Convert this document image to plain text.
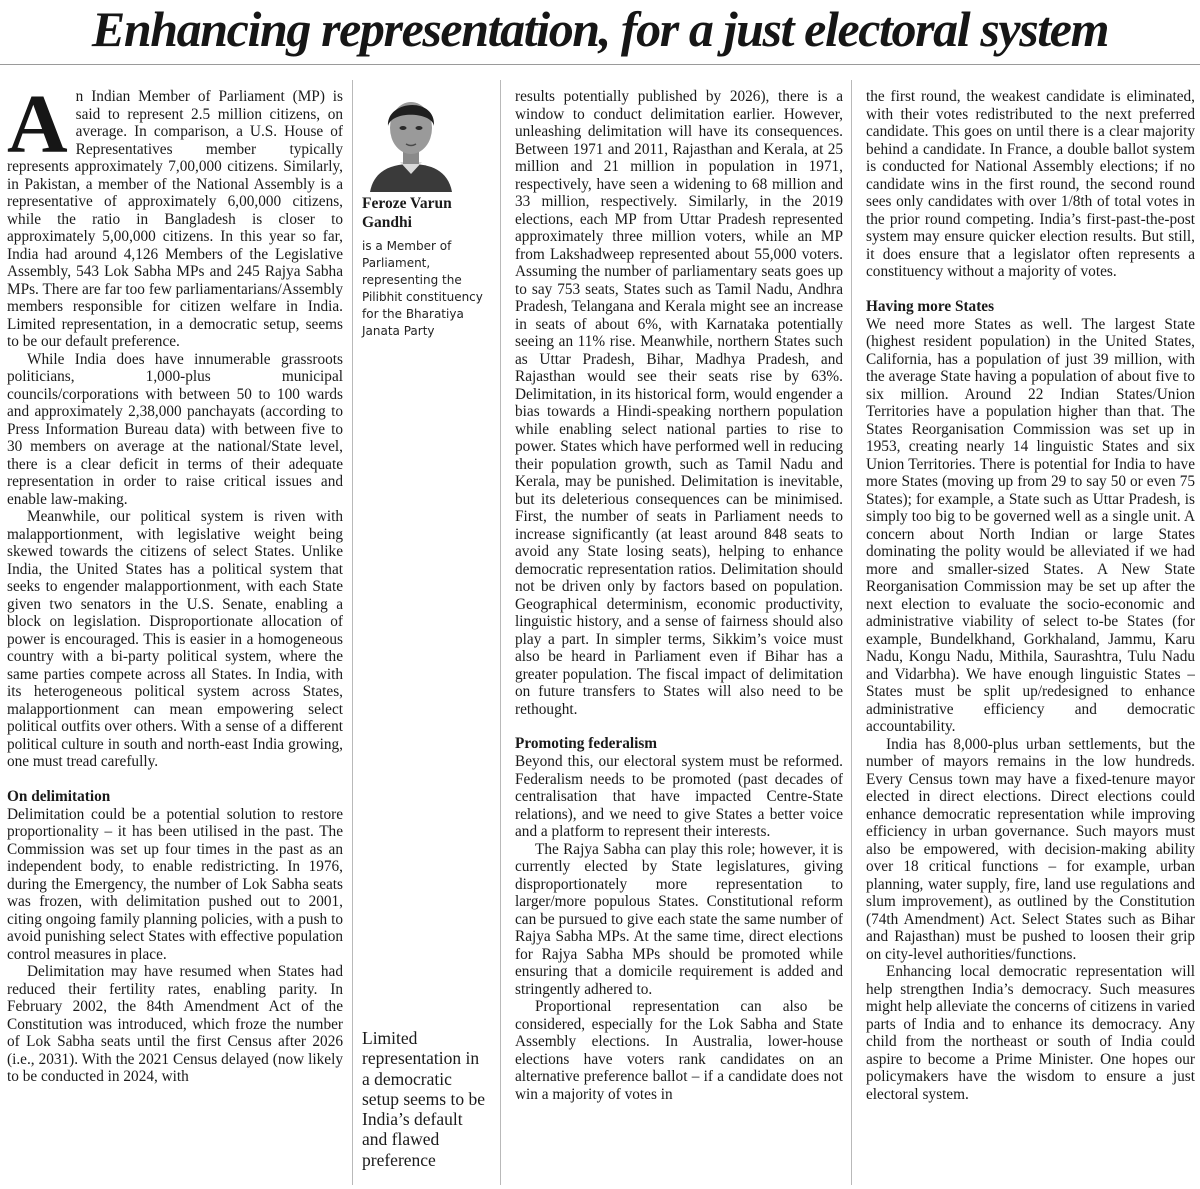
Enhancing representation, for a just electoral system

An Indian Member of Parliament (MP) is said to represent 2.5 million citizens, on average. In comparison, a U.S. House of Representatives member typically represents approximately 7,00,000 citizens. Similarly, in Pakistan, a member of the National Assembly is a representative of approximately 6,00,000 citizens, while the ratio in Bangladesh is closer to approximately 5,00,000 citizens. In this year so far, India had around 4,126 Members of the Legislative Assembly, 543 Lok Sabha MPs and 245 Rajya Sabha MPs. There are far too few parliamentarians/Assembly members responsible for citizen welfare in India. Limited representation, in a democratic setup, seems to be our default preference.

While India does have innumerable grassroots politicians, 1,000-plus municipal councils/corporations with between 50 to 100 wards and approximately 2,38,000 panchayats (according to Press Information Bureau data) with between five to 30 members on average at the national/State level, there is a clear deficit in terms of their adequate representation in order to raise critical issues and enable law-making.

Meanwhile, our political system is riven with malapportionment, with legislative weight being skewed towards the citizens of select States. Unlike India, the United States has a political system that seeks to engender malapportionment, with each State given two senators in the U.S. Senate, enabling a block on legislation. Disproportionate allocation of power is encouraged. This is easier in a homogeneous country with a bi-party political system, where the same parties compete across all States. In India, with its heterogeneous political system across States, malapportionment can mean empowering select political outfits over others. With a sense of a different political culture in south and north-east India growing, one must tread carefully.

On delimitation

Delimitation could be a potential solution to restore proportionality – it has been utilised in the past. The Commission was set up four times in the past as an independent body, to enable redistricting. In 1976, during the Emergency, the number of Lok Sabha seats was frozen, with delimitation pushed out to 2001, citing ongoing family planning policies, with a push to avoid punishing select States with effective population control measures in place.

Delimitation may have resumed when States had reduced their fertility rates, enabling parity. In February 2002, the 84th Amendment Act of the Constitution was introduced, which froze the number of Lok Sabha seats until the first Census after 2026 (i.e., 2031). With the 2021 Census delayed (now likely to be conducted in 2024, with

Feroze Varun Gandhi
is a Member of Parliament, representing the Pilibhit constituency for the Bharatiya Janata Party
Limited representation in a democratic setup seems to be India’s default and flawed preference

results potentially published by 2026), there is a window to conduct delimitation earlier. However, unleashing delimitation will have its consequences. Between 1971 and 2011, Rajasthan and Kerala, at 25 million and 21 million in population in 1971, respectively, have seen a widening to 68 million and 33 million, respectively. Similarly, in the 2019 elections, each MP from Uttar Pradesh represented approximately three million voters, while an MP from Lakshadweep represented about 55,000 voters. Assuming the number of parliamentary seats goes up to say 753 seats, States such as Tamil Nadu, Andhra Pradesh, Telangana and Kerala might see an increase in seats of about 6%, with Karnataka potentially seeing an 11% rise. Meanwhile, northern States such as Uttar Pradesh, Bihar, Madhya Pradesh, and Rajasthan would see their seats rise by 63%. Delimitation, in its historical form, would engender a bias towards a Hindi-speaking northern population while enabling select national parties to rise to power. States which have performed well in reducing their population growth, such as Tamil Nadu and Kerala, may be punished. Delimitation is inevitable, but its deleterious consequences can be minimised. First, the number of seats in Parliament needs to increase significantly (at least around 848 seats to avoid any State losing seats), helping to enhance democratic representation ratios. Delimitation should not be driven only by factors based on population. Geographical determinism, economic productivity, linguistic history, and a sense of fairness should also play a part. In simpler terms, Sikkim’s voice must also be heard in Parliament even if Bihar has a greater population. The fiscal impact of delimitation on future transfers to States will also need to be rethought.

Promoting federalism

Beyond this, our electoral system must be reformed. Federalism needs to be promoted (past decades of centralisation that have impacted Centre-State relations), and we need to give States a better voice and a platform to represent their interests.

The Rajya Sabha can play this role; however, it is currently elected by State legislatures, giving disproportionately more representation to larger/more populous States. Constitutional reform can be pursued to give each state the same number of Rajya Sabha MPs. At the same time, direct elections for Rajya Sabha MPs should be promoted while ensuring that a domicile requirement is added and stringently adhered to.

Proportional representation can also be considered, especially for the Lok Sabha and State Assembly elections. In Australia, lower-house elections have voters rank candidates on an alternative preference ballot – if a candidate does not win a majority of votes in

the first round, the weakest candidate is eliminated, with their votes redistributed to the next preferred candidate. This goes on until there is a clear majority behind a candidate. In France, a double ballot system is conducted for National Assembly elections; if no candidate wins in the first round, the second round sees only candidates with over 1/8th of total votes in the prior round competing. India’s first-past-the-post system may ensure quicker election results. But still, it does ensure that a legislator often represents a constituency without a majority of votes.

Having more States

We need more States as well. The largest State (highest resident population) in the United States, California, has a population of just 39 million, with the average State having a population of about five to six million. Around 22 Indian States/Union Territories have a population higher than that. The States Reorganisation Commission was set up in 1953, creating nearly 14 linguistic States and six Union Territories. There is potential for India to have more States (moving up from 29 to say 50 or even 75 States); for example, a State such as Uttar Pradesh, is simply too big to be governed well as a single unit. A concern about North Indian or large States dominating the polity would be alleviated if we had more and smaller-sized States. A New State Reorganisation Commission may be set up after the next election to evaluate the socio-economic and administrative viability of select to-be States (for example, Bundelkhand, Gorkhaland, Jammu, Karu Nadu, Kongu Nadu, Mithila, Saurashtra, Tulu Nadu and Vidarbha). We have enough linguistic States – States must be split up/redesigned to enhance administrative efficiency and democratic accountability.

India has 8,000-plus urban settlements, but the number of mayors remains in the low hundreds. Every Census town may have a fixed-tenure mayor elected in direct elections. Direct elections could enhance democratic representation while improving efficiency in urban governance. Such mayors must also be empowered, with decision-making ability over 18 critical functions – for example, urban planning, water supply, fire, land use regulations and slum improvement), as outlined by the Constitution (74th Amendment) Act. Select States such as Bihar and Rajasthan) must be pushed to loosen their grip on city-level authorities/functions.

Enhancing local democratic representation will help strengthen India’s democracy. Such measures might help alleviate the concerns of citizens in varied parts of India and to enhance its democracy. Any child from the northeast or south of India could aspire to become a Prime Minister. One hopes our policymakers have the wisdom to ensure a just electoral system.
